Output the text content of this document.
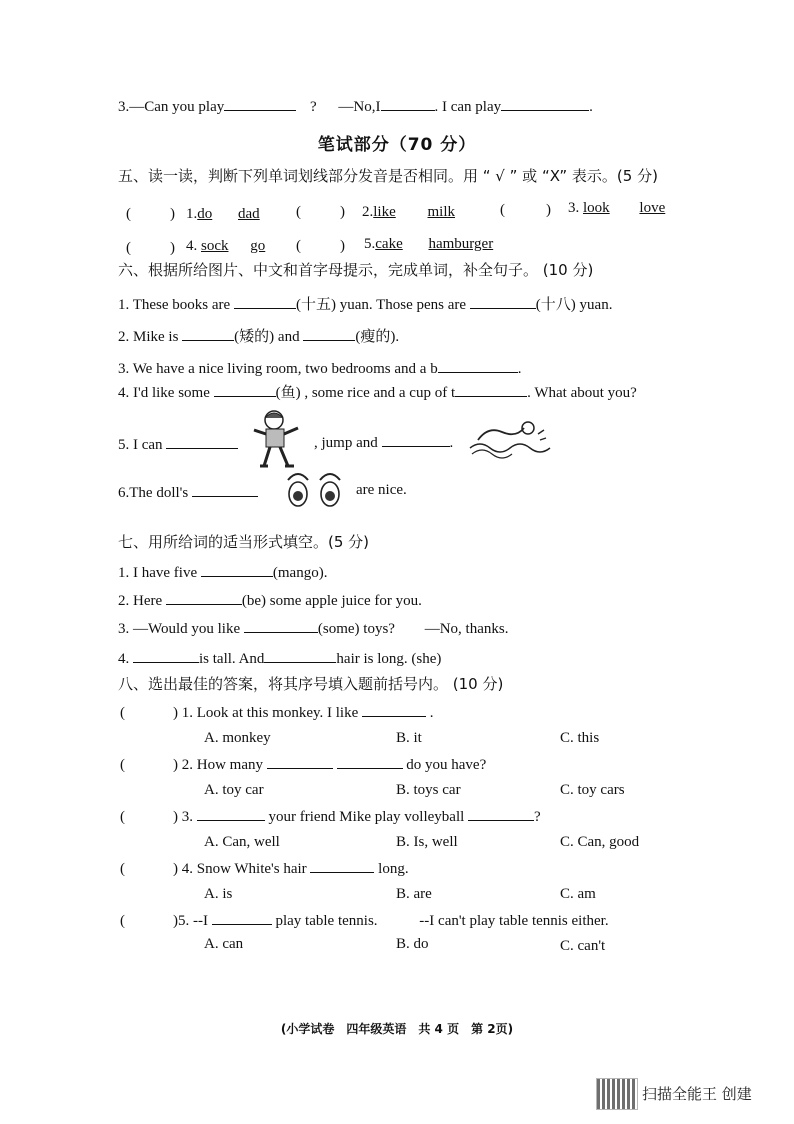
3.—Can you play	? —No,I	. I can play	.
笔试部分（70 分）
五、读一读，判断下列单词划线部分发音是否相同。用 “ √ ” 或 “X” 表示。(5 分)
(	) 1.do dad (	) 2.like milk	(	) 3. look love
(	) 4. sock go (	) 5.cake hamburger
六、根据所给图片、中文和首字母提示，完成单词，补全句子。 (10 分)
1. These books are	(十五) yuan. Those pens are	(十八) yuan.
2. Mike is	(矮的) and	(瘦的).
3. We have a nice living room, two bedrooms and a b	.
4. I'd like some	(鱼) , some rice and a cup of t	. What about you?
5. I can	, jump and	.
6.The doll's	are nice.
七、用所给词的适当形式填空。(5 分)
1. I have five	(mango).
2. Here	(be) some apple juice for you.
3. —Would you like	(some) toys? —No, thanks.
4.	is tall. And	hair is long. (she)
八、选出最佳的答案，将其序号填入题前括号内。 (10 分)
(	) 1. Look at this monkey. I like	.
A. monkey	B. it	C. this
(	) 2. How many	do you have?
A. toy car	B. toys car	C. toy cars
(	) 3.	your friend Mike play volleyball	?
A. Can, well	B. Is, well	C. Can, good
(	) 4. Snow White's hair	long.
A. is	B. are	C. am
(	)5. --I	play table tennis.	--I can't play table tennis either.
A. can	B. do	C. can't
(小学试卷　四年级英语　共 4 页　第 2页)
扫描全能王 创建
